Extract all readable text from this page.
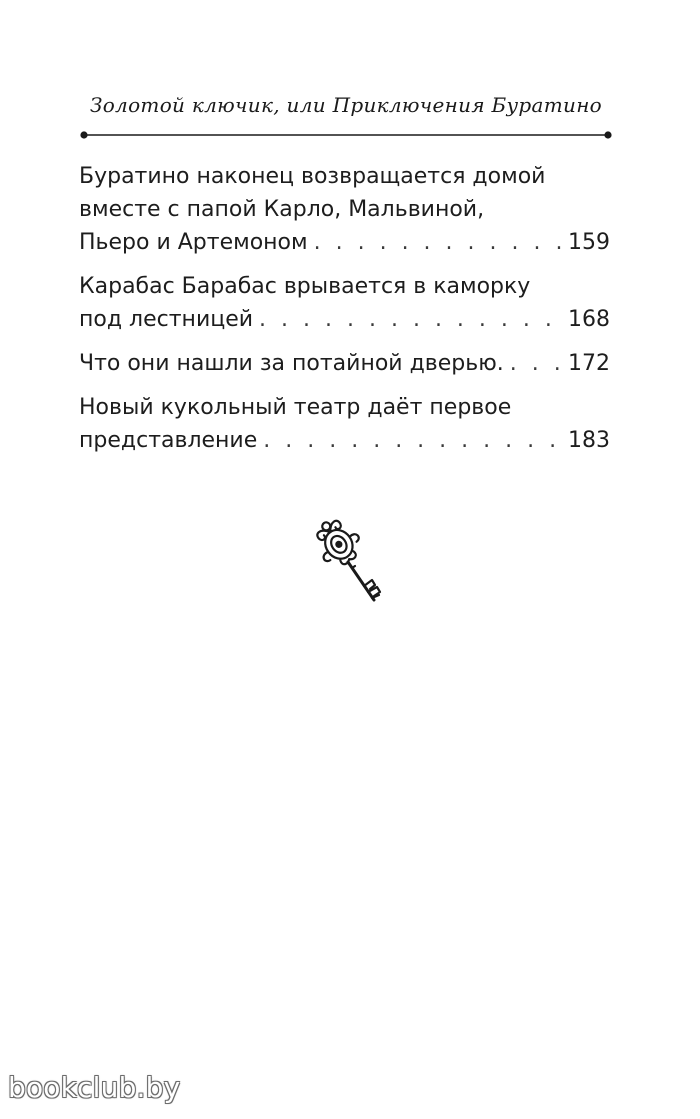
Золотой ключик, или Приключения Буратино
Буратино наконец возвращается домой
вместе с папой Карло, Мальвиной,
Пьеро и Артемоном . . .	159
Карабас Барабас врывается в каморку
под лестницей . . .	168
Что они нашли за потайной дверью. . . .	172
Новый кукольный театр даёт первое
представление . . .	183
bookclub.by
